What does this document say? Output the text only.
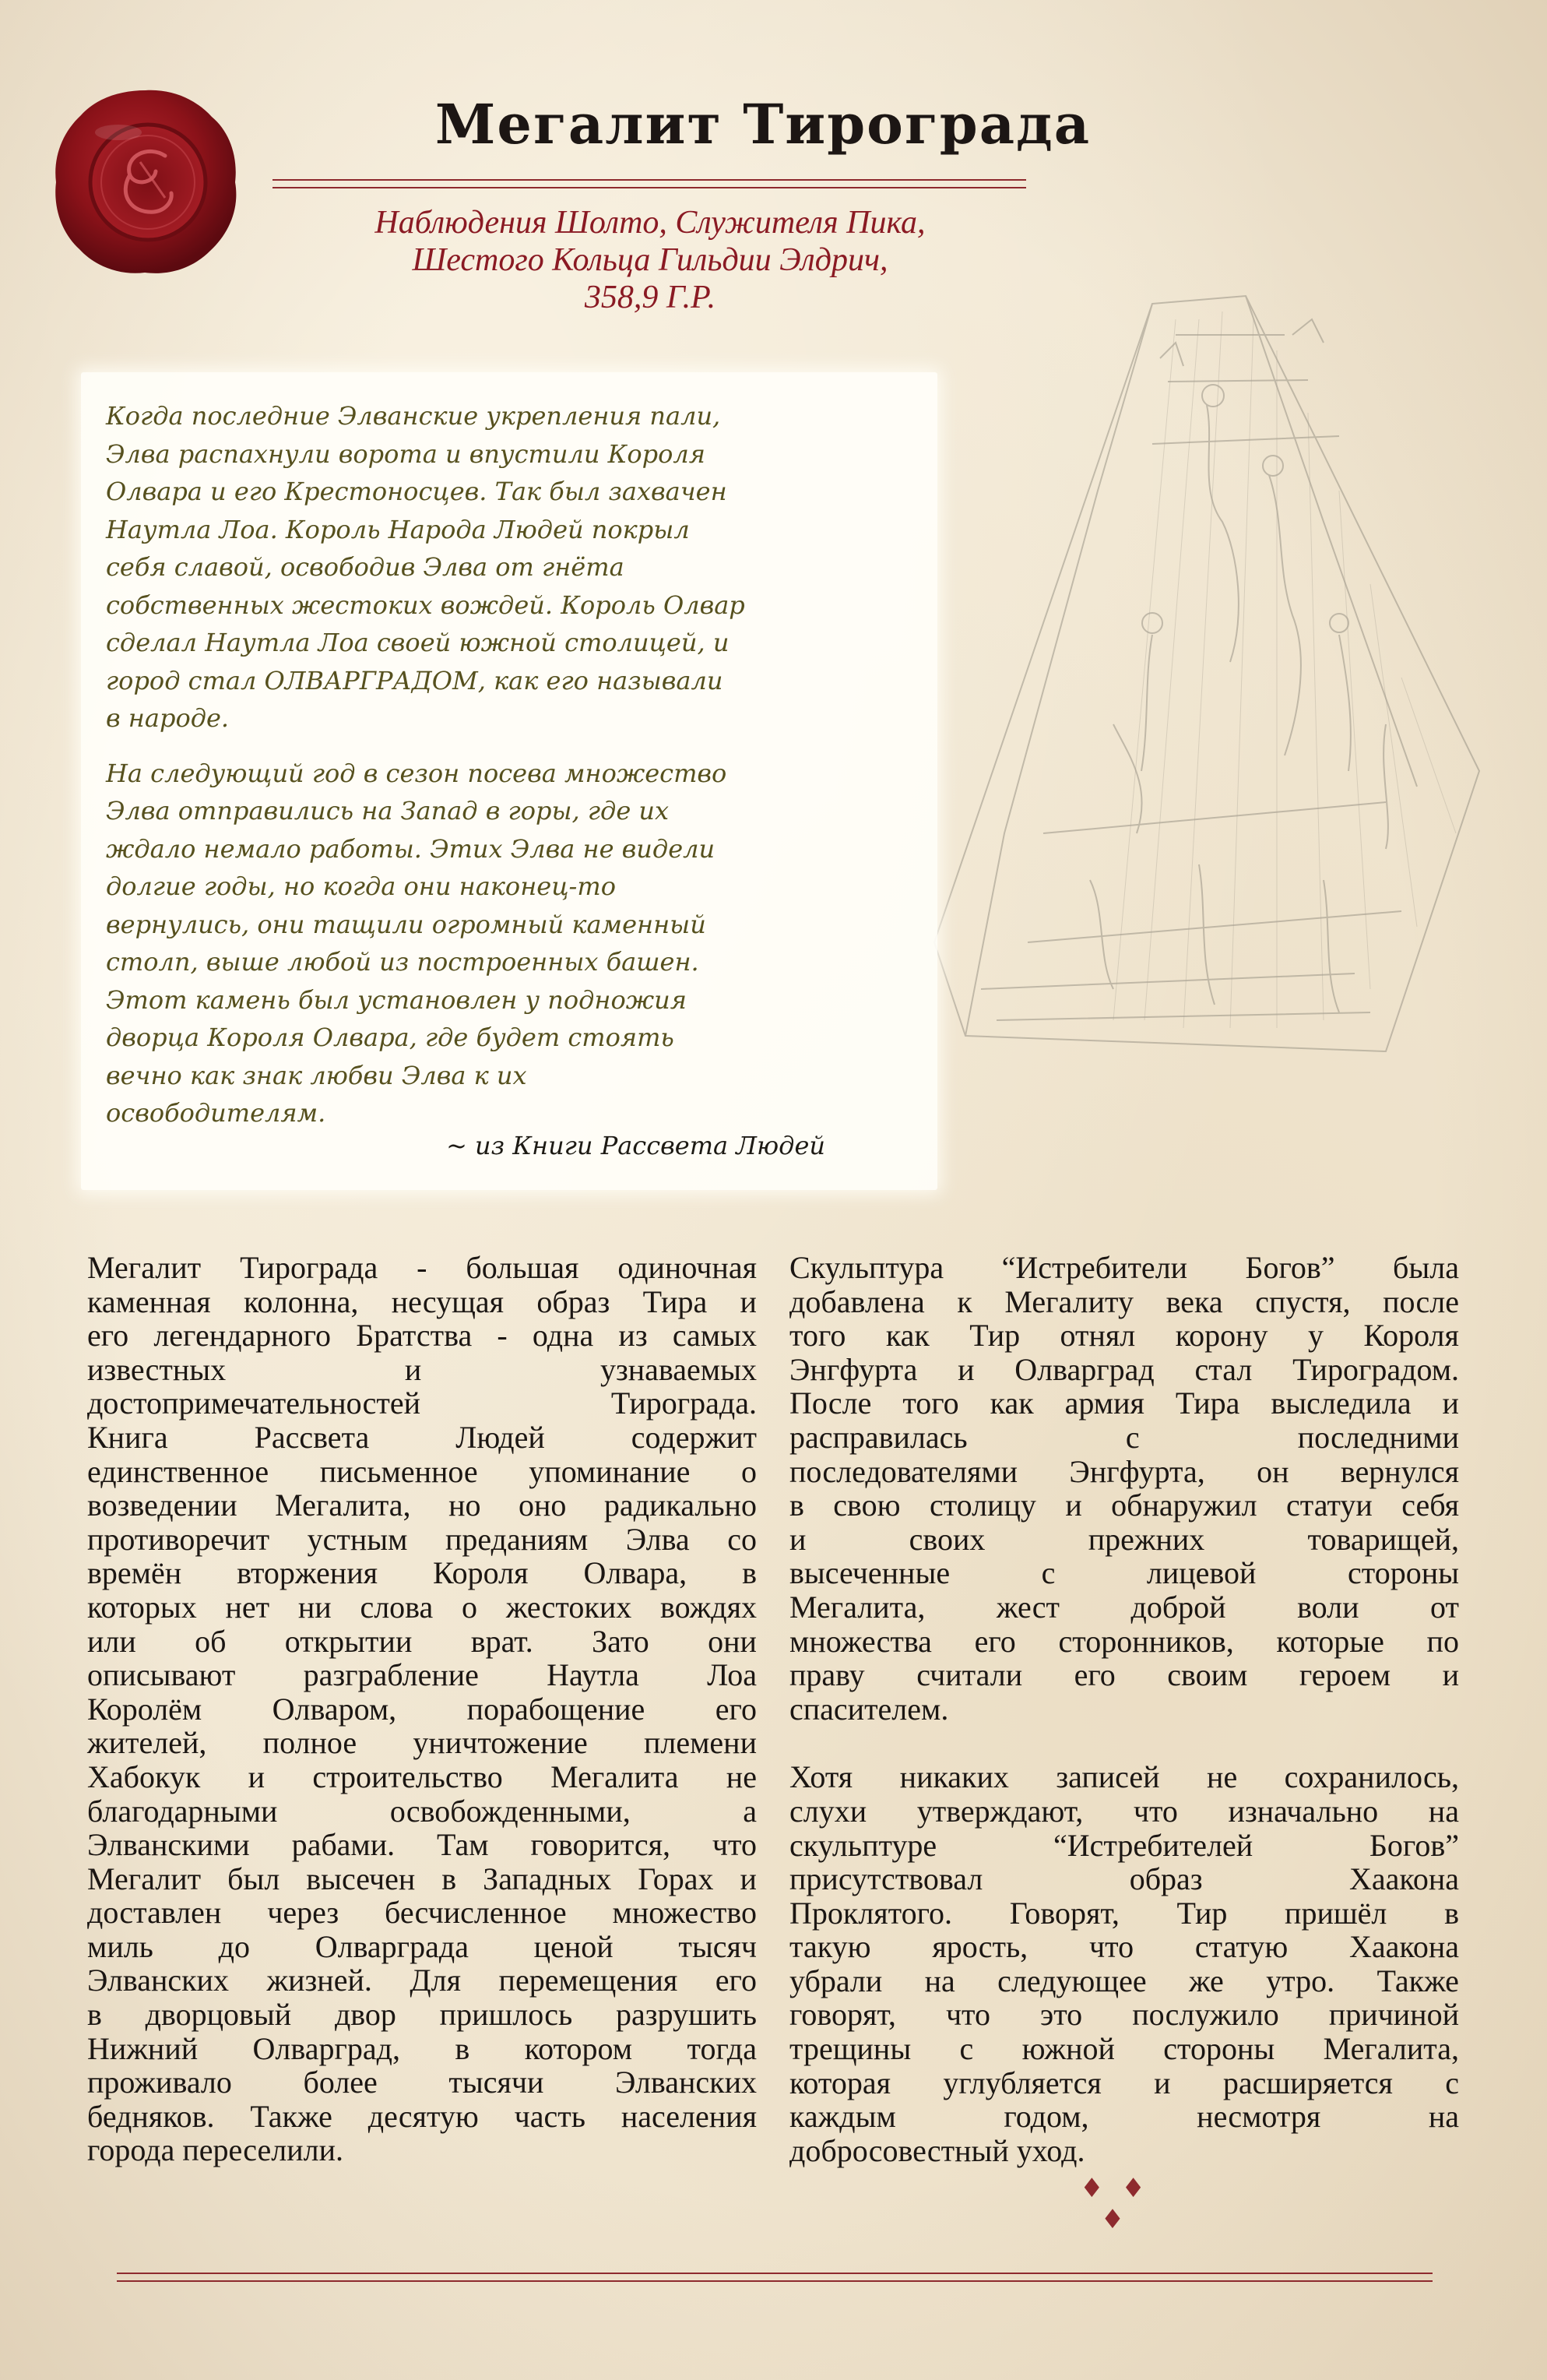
Мегалит Тирограда
Наблюдения Шолто, Служителя Пика,
Шестого Кольца Гильдии Элдрич,
358,9 Г.Р.
Когда последние Элванские укрепления пали,
Элва распахнули ворота и впустили Короля
Олвара и его Крестоносцев. Так был захвачен
Наутла Лоа. Король Народа Людей покрыл
себя славой, освободив Элва от гнёта
собственных жестоких вождей. Король Олвар
сделал Наутла Лоа своей южной столицей, и
город стал ОЛВАРГРАДОМ, как его называли
в народе.
На следующий год в сезон посева множество
Элва отправились на Запад в горы, где их
ждало немало работы. Этих Элва не видели
долгие годы, но когда они наконец-то
вернулись, они тащили огромный каменный
столп, выше любой из построенных башен.
Этот камень был установлен у подножия
дворца Короля Олвара, где будет стоять
вечно как знак любви Элва к их
освободителям.
~ из Книги Рассвета Людей
Мегалит Тирограда - большая одиночная
каменная колонна, несущая образ Тира и
его легендарного Братства - одна из самых
известных	и	узнаваемых
достопримечательностей	Тирограда.
Книга	Рассвета	Людей	содержит
единственное письменное упоминание о
возведении Мегалита, но оно радикально
противоречит устным преданиям Элва со
времён вторжения Короля Олвара, в
которых нет ни слова о жестоких вождях
или об открытии врат. Зато они
описывают разграбление Наутла Лоа
Королём Олваром, порабощение его
жителей, полное уничтожение племени
Хабокук и строительство Мегалита не
благодарными	освобожденными,	а
Элванскими рабами. Там говорится, что
Мегалит был высечен в Западных Горах и
доставлен через бесчисленное множество
миль до Олварграда ценой тысяч
Элванских жизней. Для перемещения его
в дворцовый двор пришлось разрушить
Нижний Олварград, в котором тогда
проживало более тысячи Элванских
бедняков. Также десятую часть населения
города переселили.
Скульптура “Истребители Богов” была
добавлена к Мегалиту века спустя, после
того как Тир отнял корону у Короля
Энгфурта и Олварград стал Тироградом.
После того как армия Тира выследила и
расправилась	с	последними
последователями Энгфурта, он вернулся
в свою столицу и обнаружил статуи себя
и	своих	прежних	товарищей,
высеченные	с	лицевой	стороны
Мегалита, жест доброй воли от
множества его сторонников, которые по
праву считали его своим героем и
спасителем.
Хотя никаких записей не сохранилось,
слухи утверждают, что изначально на
скульптуре	“Истребителей	Богов”
присутствовал	образ	Хаакона
Проклятого. Говорят, Тир пришёл в
такую ярость, что статую Хаакона
убрали на следующее же утро. Также
говорят, что это послужило причиной
трещины с южной стороны Мегалита,
которая углубляется и расширяется с
каждым	годом,	несмотря	на
добросовестный уход.
♦ ♦ ♦
